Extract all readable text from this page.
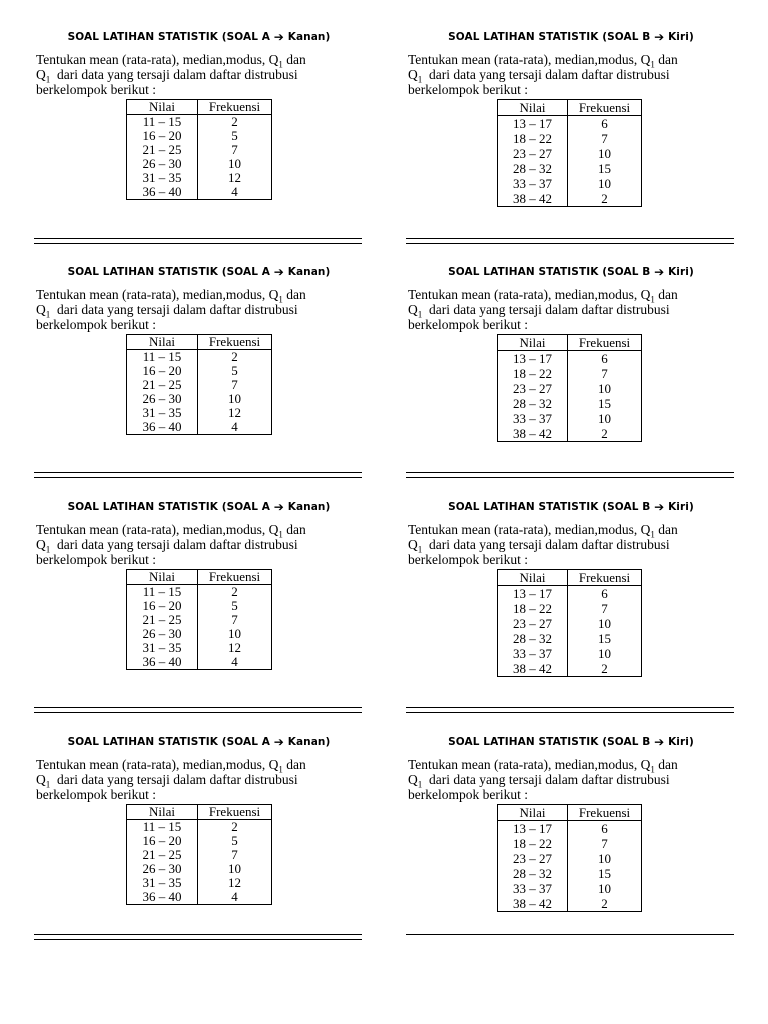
SOAL LATIHAN STATISTIK (SOAL A ➔ Kanan)
Tentukan mean (rata-rata), median,modus, $Q_1$ dan
$Q_1$  dari data yang tersaji dalam daftar distrubusi
berkelompok berikut :
Nilai	Frekuensi
11 – 15	2
16 – 20	5
21 – 25	7
26 – 30	10
31 – 35	12
36 – 40	4
SOAL LATIHAN STATISTIK (SOAL B ➔ Kiri)
Tentukan mean (rata-rata), median,modus, $Q_1$ dan
$Q_1$  dari data yang tersaji dalam daftar distrubusi
berkelompok berikut :
Nilai	Frekuensi
13 – 17	6
18 – 22	7
23 – 27	10
28 – 32	15
33 – 37	10
38 – 42	2
SOAL LATIHAN STATISTIK (SOAL A ➔ Kanan)
Tentukan mean (rata-rata), median,modus, $Q_1$ dan
$Q_1$  dari data yang tersaji dalam daftar distrubusi
berkelompok berikut :
Nilai	Frekuensi
11 – 15	2
16 – 20	5
21 – 25	7
26 – 30	10
31 – 35	12
36 – 40	4
SOAL LATIHAN STATISTIK (SOAL B ➔ Kiri)
Tentukan mean (rata-rata), median,modus, $Q_1$ dan
$Q_1$  dari data yang tersaji dalam daftar distrubusi
berkelompok berikut :
Nilai	Frekuensi
13 – 17	6
18 – 22	7
23 – 27	10
28 – 32	15
33 – 37	10
38 – 42	2
SOAL LATIHAN STATISTIK (SOAL A ➔ Kanan)
Tentukan mean (rata-rata), median,modus, $Q_1$ dan
$Q_1$  dari data yang tersaji dalam daftar distrubusi
berkelompok berikut :
Nilai	Frekuensi
11 – 15	2
16 – 20	5
21 – 25	7
26 – 30	10
31 – 35	12
36 – 40	4
SOAL LATIHAN STATISTIK (SOAL B ➔ Kiri)
Tentukan mean (rata-rata), median,modus, $Q_1$ dan
$Q_1$  dari data yang tersaji dalam daftar distrubusi
berkelompok berikut :
Nilai	Frekuensi
13 – 17	6
18 – 22	7
23 – 27	10
28 – 32	15
33 – 37	10
38 – 42	2
SOAL LATIHAN STATISTIK (SOAL A ➔ Kanan)
Tentukan mean (rata-rata), median,modus, $Q_1$ dan
$Q_1$  dari data yang tersaji dalam daftar distrubusi
berkelompok berikut :
Nilai	Frekuensi
11 – 15	2
16 – 20	5
21 – 25	7
26 – 30	10
31 – 35	12
36 – 40	4
SOAL LATIHAN STATISTIK (SOAL B ➔ Kiri)
Tentukan mean (rata-rata), median,modus, $Q_1$ dan
$Q_1$  dari data yang tersaji dalam daftar distrubusi
berkelompok berikut :
Nilai	Frekuensi
13 – 17	6
18 – 22	7
23 – 27	10
28 – 32	15
33 – 37	10
38 – 42	2
